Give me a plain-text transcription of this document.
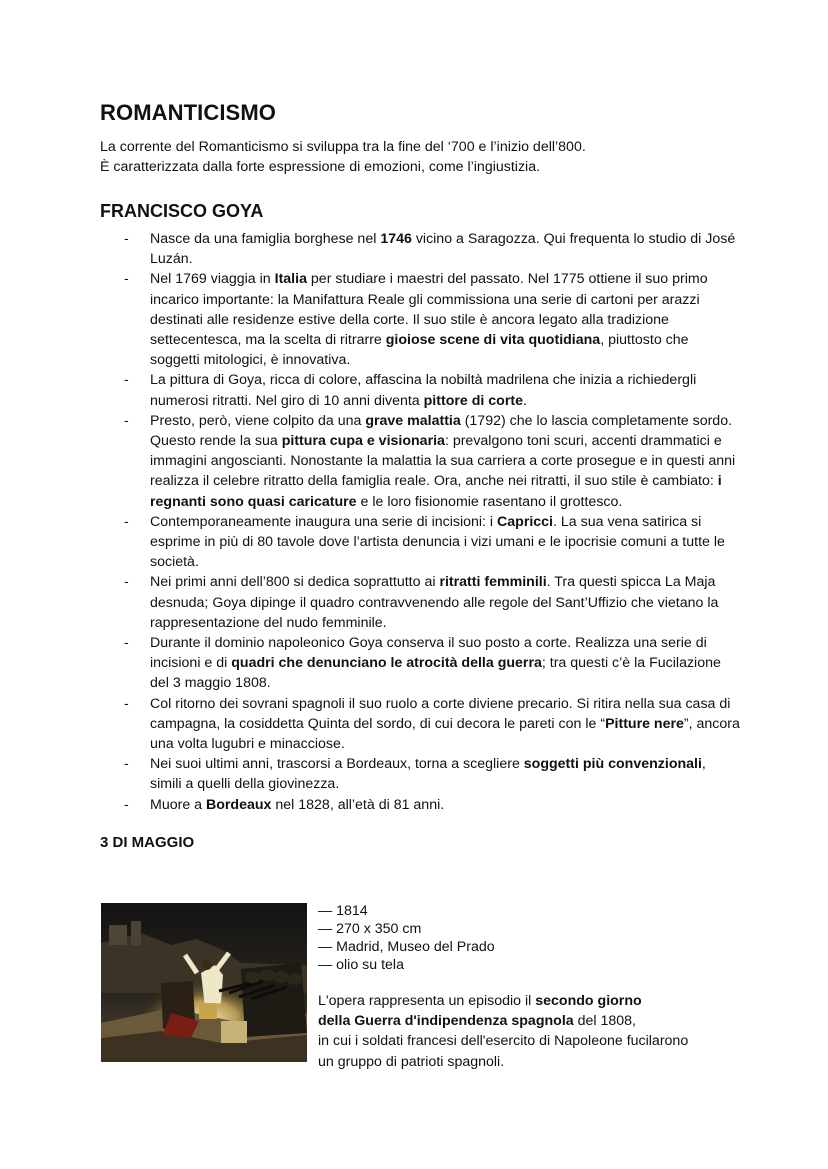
ROMANTICISMO

La corrente del Romanticismo si sviluppa tra la fine del ‘700 e l’inizio dell’800.

È caratterizzata dalla forte espressione di emozioni, come l’ingiustizia.

FRANCISCO GOYA
- Nasce da una famiglia borghese nel 1746 vicino a Saragozza. Qui frequenta lo studio di José Luzán.
- Nel 1769 viaggia in Italia per studiare i maestri del passato. Nel 1775 ottiene il suo primo incarico importante: la Manifattura Reale gli commissiona una serie di cartoni per arazzi destinati alle residenze estive della corte. Il suo stile è ancora legato alla tradizione settecentesca, ma la scelta di ritrarre gioiose scene di vita quotidiana, piuttosto che soggetti mitologici, è innovativa.
- La pittura di Goya, ricca di colore, affascina la nobiltà madrilena che inizia a richiedergli numerosi ritratti. Nel giro di 10 anni diventa pittore di corte.
- Presto, però, viene colpito da una grave malattia (1792) che lo lascia completamente sordo. Questo rende la sua pittura cupa e visionaria: prevalgono toni scuri, accenti drammatici e immagini angoscianti. Nonostante la malattia la sua carriera a corte prosegue e in questi anni realizza il celebre ritratto della famiglia reale. Ora, anche nei ritratti, il suo stile è cambiato: i regnanti sono quasi caricature e le loro fisionomie rasentano il grottesco.
- Contemporaneamente inaugura una serie di incisioni: i Capricci. La sua vena satirica si esprime in più di 80 tavole dove l’artista denuncia i vizi umani e le ipocrisie comuni a tutte le società.
- Nei primi anni dell’800 si dedica soprattutto ai ritratti femminili. Tra questi spicca La Maja desnuda; Goya dipinge il quadro contravvenendo alle regole del Sant’Uffizio che vietano la rappresentazione del nudo femminile.
- Durante il dominio napoleonico Goya conserva il suo posto a corte. Realizza una serie di incisioni e di quadri che denunciano le atrocità della guerra; tra questi c’è la Fucilazione del 3 maggio 1808.
- Col ritorno dei sovrani spagnoli il suo ruolo a corte diviene precario. Si ritira nella sua casa di campagna, la cosiddetta Quinta del sordo, di cui decora le pareti con le “Pitture nere”, ancora una volta lugubri e minacciose.
- Nei suoi ultimi anni, trascorsi a Bordeaux, torna a scegliere soggetti più convenzionali, simili a quelli della giovinezza.
- Muore a Bordeaux nel 1828, all’età di 81 anni.
3 DI MAGGIO
— 1814
— 270 x 350 cm
— Madrid, Museo del Prado
— olio su tela
L'opera rappresenta un episodio il secondo giorno
della Guerra d'indipendenza spagnola del 1808,
in cui i soldati francesi dell'esercito di Napoleone fucilarono
un gruppo di patrioti spagnoli.
